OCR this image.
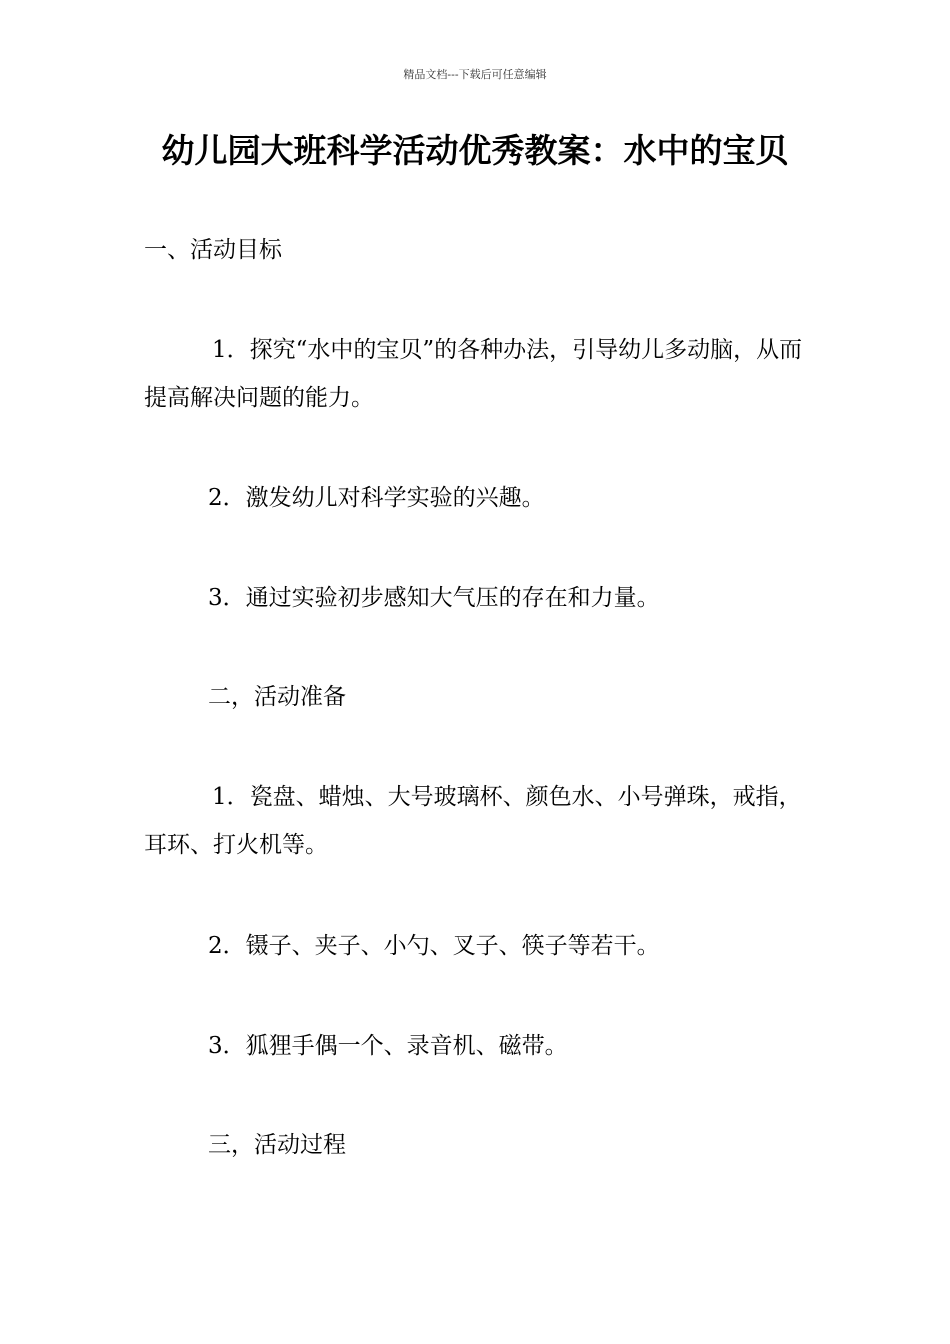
精品文档---下载后可任意编辑
幼儿园大班科学活动优秀教案：水中的宝贝

一、活动目标

1．探究“水中的宝贝”的各种办法，引导幼儿多动脑，从而提高解决问题的能力。

2．激发幼儿对科学实验的兴趣。

3．通过实验初步感知大气压的存在和力量。

二，活动准备

1．瓷盘、蜡烛、大号玻璃杯、颜色水、小号弹珠，戒指，耳环、打火机等。

2．镊子、夹子、小勺、叉子、筷子等若干。

3．狐狸手偶一个、录音机、磁带。

三，活动过程
